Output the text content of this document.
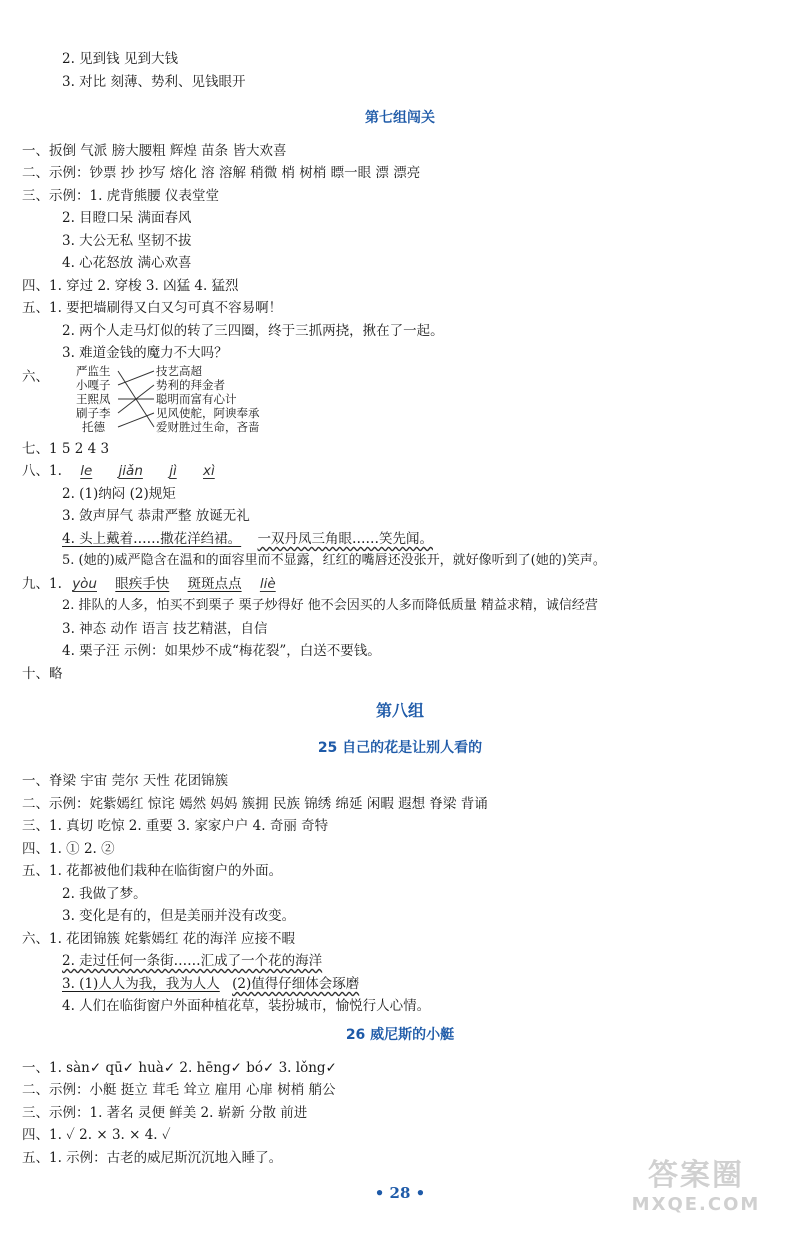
2. 见到钱 见到大钱
3. 对比 刻薄、势利、见钱眼开
第七组闯关
一、扳倒 气派 膀大腰粗 辉煌 苗条 皆大欢喜
二、示例：钞票 抄 抄写 熔化 溶 溶解 稍微 梢 树梢 瞟一眼 漂 漂亮
三、示例：1. 虎背熊腰 仪表堂堂
2. 目瞪口呆 满面春风
3. 大公无私 坚韧不拔
4. 心花怒放 满心欢喜
四、1. 穿过 2. 穿梭 3. 凶猛 4. 猛烈
五、1. 要把墙刷得又白又匀可真不容易啊！
2. 两个人走马灯似的转了三四圈，终于三抓两挠，揪在了一起。
3. 难道金钱的魔力不大吗？
六、 严监生
小嘎子
王熙凤
刷子李
托德
技艺高超
势利的拜金者
聪明而富有心计
见风使舵，阿谀奉承
爱财胜过生命，吝啬
七、1 5 2 4 3
八、1. le jiǎn jì xì
2. (1)纳闷 (2)规矩
3. 敛声屏气 恭肃严整 放诞无礼
4. 头上戴着……撒花洋绉裙。 一双丹凤三角眼……笑先闻。
5. (她的)威严隐含在温和的面容里而不显露，红红的嘴唇还没张开，就好像听到了(她的)笑声。
九、1. yòu 眼疾手快 斑斑点点 liè
2. 排队的人多，怕买不到栗子 栗子炒得好 他不会因买的人多而降低质量 精益求精，诚信经营
3. 神态 动作 语言 技艺精湛，自信
4. 栗子汪 示例：如果炒不成“梅花裂”，白送不要钱。
十、略
第八组
25 自己的花是让别人看的
一、脊梁 宇宙 莞尔 天性 花团锦簇
二、示例：姹紫嫣红 惊诧 嫣然 妈妈 簇拥 民族 锦绣 绵延 闲暇 遐想 脊梁 背诵
三、1. 真切 吃惊 2. 重要 3. 家家户户 4. 奇丽 奇特
四、1. ① 2. ②
五、1. 花都被他们栽种在临街窗户的外面。
2. 我做了梦。
3. 变化是有的，但是美丽并没有改变。
六、1. 花团锦簇 姹紫嫣红 花的海洋 应接不暇
2. 走过任何一条街……汇成了一个花的海洋
3. (1)人人为我，我为人人 (2)值得仔细体会琢磨
4. 人们在临街窗户外面种植花草，装扮城市，愉悦行人心情。
26 威尼斯的小艇
一、1. sàn✓ qū✓ huà✓ 2. hēng✓ bó✓ 3. lǒng✓
二、示例：小艇 挺立 茸毛 耸立 雇用 心扉 树梢 艄公
三、示例：1. 著名 灵便 鲜美 2. 崭新 分散 前进
四、1. ✓ 2. × 3. × 4. ✓
五、1. 示例：古老的威尼斯沉沉地入睡了。
• 28 •	答案圈
MXQE.COM
